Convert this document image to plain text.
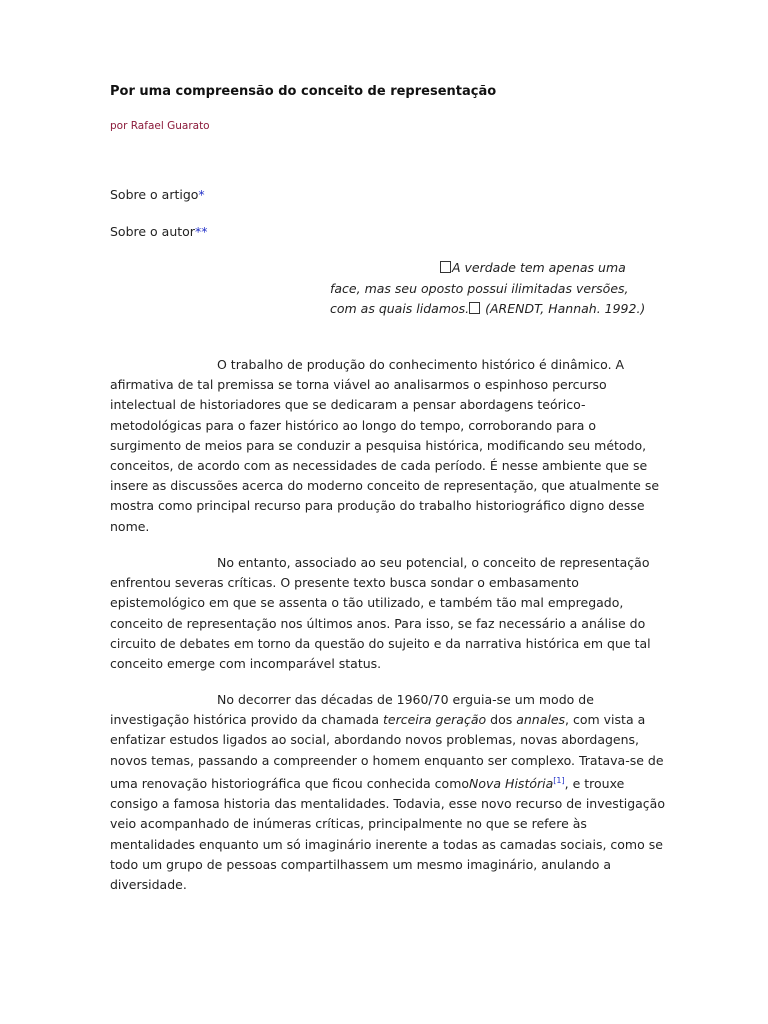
Por uma compreensão do conceito de representação
por Rafael Guarato
Sobre o artigo*
Sobre o autor**
A verdade tem apenas uma face, mas seu oposto possui ilimitadas versões, com as quais lidamos. (ARENDT, Hannah. 1992.)

O trabalho de produção do conhecimento histórico é dinâmico. A afirmativa de tal premissa se torna viável ao analisarmos o espinhoso percurso intelectual de historiadores que se dedicaram a pensar abordagens teórico-metodológicas para o fazer histórico ao longo do tempo, corroborando para o surgimento de meios para se conduzir a pesquisa histórica, modificando seu método, conceitos, de acordo com as necessidades de cada período. É nesse ambiente que se insere as discussões acerca do moderno conceito de representação, que atualmente se mostra como principal recurso para produção do trabalho historiográfico digno desse nome.

No entanto, associado ao seu potencial, o conceito de representação enfrentou severas críticas. O presente texto busca sondar o embasamento epistemológico em que se assenta o tão utilizado, e também tão mal empregado, conceito de representação nos últimos anos. Para isso, se faz necessário a análise do circuito de debates em torno da questão do sujeito e da narrativa histórica em que tal conceito emerge com incomparável status.

No decorrer das décadas de 1960/70 erguia-se um modo de investigação histórica provido da chamada terceira geração dos annales, com vista a enfatizar estudos ligados ao social, abordando novos problemas, novas abordagens, novos temas, passando a compreender o homem enquanto ser complexo. Tratava-se de uma renovação historiográfica que ficou conhecida comoNova História[1], e trouxe consigo a famosa historia das mentalidades. Todavia, esse novo recurso de investigação veio acompanhado de inúmeras críticas, principalmente no que se refere às mentalidades enquanto um só imaginário inerente a todas as camadas sociais, como se todo um grupo de pessoas compartilhassem um mesmo imaginário, anulando a diversidade.
